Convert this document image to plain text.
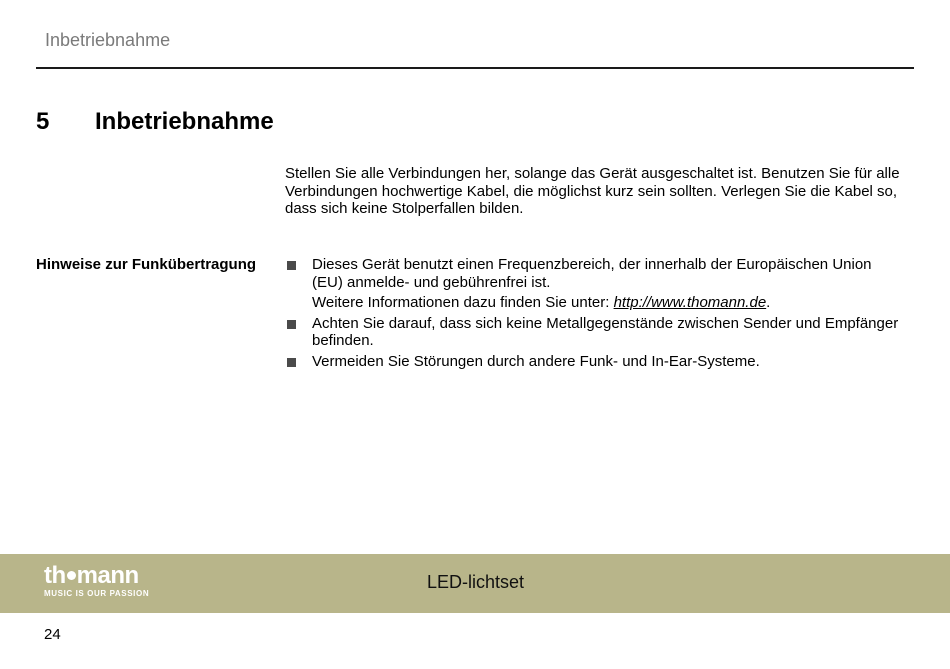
Inbetriebnahme
5 Inbetriebnahme

Stellen Sie alle Verbindungen her, solange das Gerät ausgeschaltet ist. Benutzen Sie für alle Verbindungen hochwertige Kabel, die möglichst kurz sein sollten. Verlegen Sie die Kabel so, dass sich keine Stolperfallen bilden.

Hinweise zur Funkübertragung	Dieses Gerät benutzt einen Frequenzbereich, der innerhalb der Europäischen Union (EU) anmelde- und gebührenfrei ist.
Weitere Informationen dazu finden Sie unter: http://www.thomann.de.
Achten Sie darauf, dass sich keine Metallgegenstände zwischen Sender und Empfänger befinden.
Vermeiden Sie Störungen durch andere Funk- und In-Ear-Systeme.
th mann
MUSIC IS OUR PASSION
LED-lichtset
24
